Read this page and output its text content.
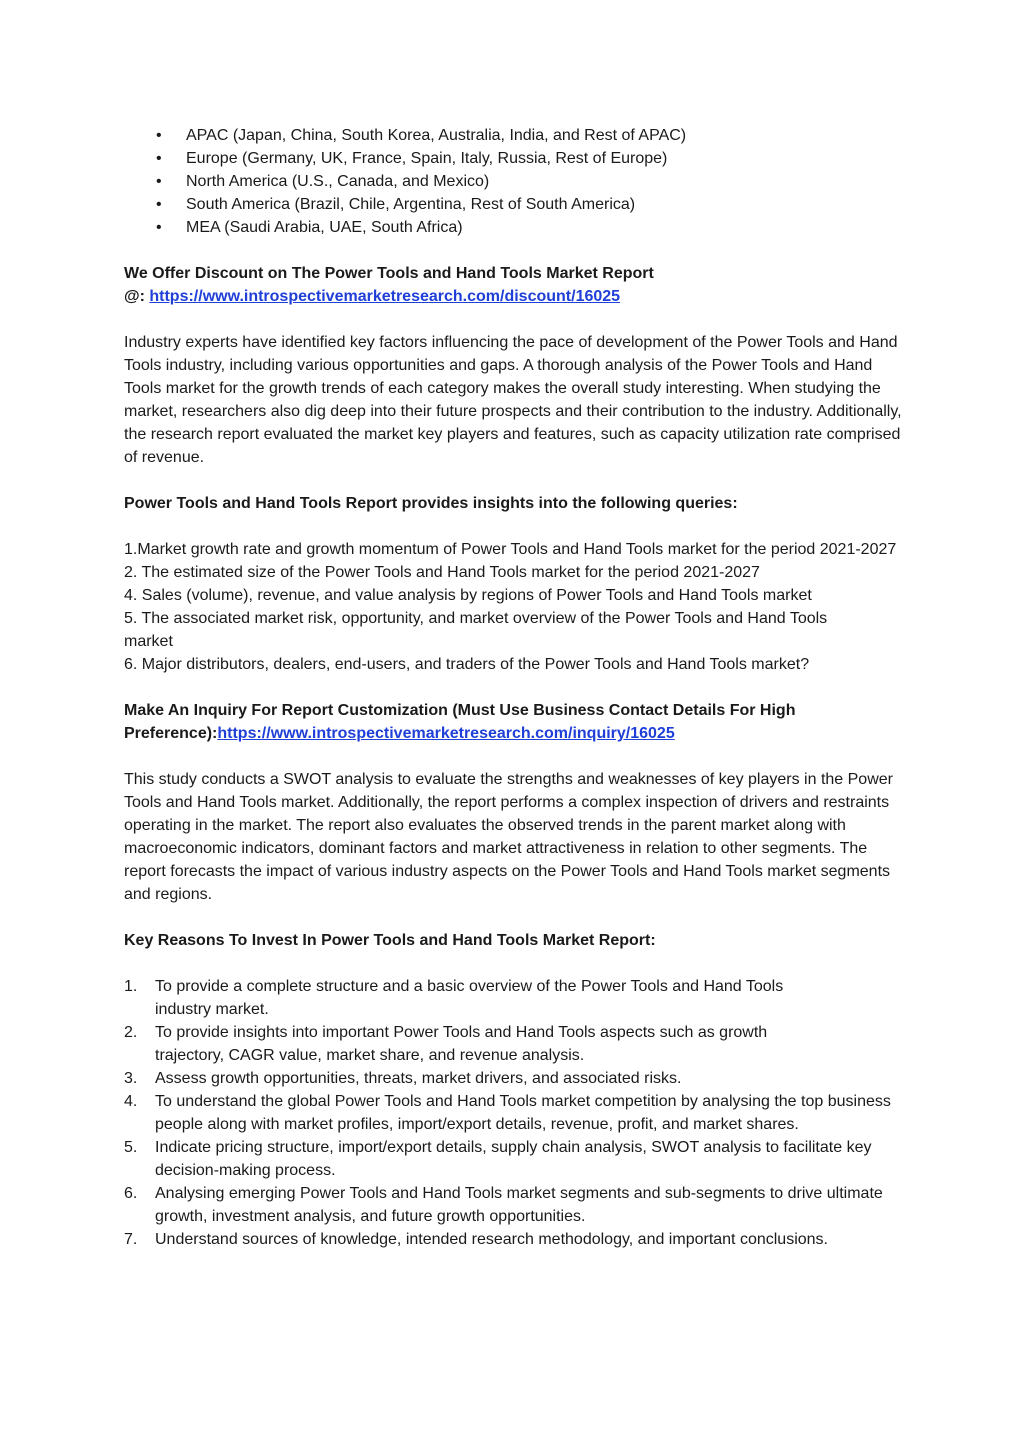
• APAC (Japan, China, South Korea, Australia, India, and Rest of APAC)
• Europe (Germany, UK, France, Spain, Italy, Russia, Rest of Europe)
• North America (U.S., Canada, and Mexico)
• South America (Brazil, Chile, Argentina, Rest of South America)
• MEA (Saudi Arabia, UAE, South Africa)

We Offer Discount on The Power Tools and Hand Tools Market Report
@: https://www.introspectivemarketresearch.com/discount/16025

Industry experts have identified key factors influencing the pace of development of the Power Tools and Hand Tools industry, including various opportunities and gaps. A thorough analysis of the Power Tools and Hand Tools market for the growth trends of each category makes the overall study interesting. When studying the market, researchers also dig deep into their future prospects and their contribution to the industry. Additionally, the research report evaluated the market key players and features, such as capacity utilization rate comprised of revenue.

Power Tools and Hand Tools Report provides insights into the following queries:

1.Market growth rate and growth momentum of Power Tools and Hand Tools market for the period 2021-2027
2. The estimated size of the Power Tools and Hand Tools market for the period 2021-2027
4. Sales (volume), revenue, and value analysis by regions of Power Tools and Hand Tools market
5. The associated market risk, opportunity, and market overview of the Power Tools and Hand Tools market
6. Major distributors, dealers, end-users, and traders of the Power Tools and Hand Tools market?

Make An Inquiry For Report Customization (Must Use Business Contact Details For High Preference):https://www.introspectivemarketresearch.com/inquiry/16025

This study conducts a SWOT analysis to evaluate the strengths and weaknesses of key players in the Power Tools and Hand Tools market. Additionally, the report performs a complex inspection of drivers and restraints operating in the market. The report also evaluates the observed trends in the parent market along with macroeconomic indicators, dominant factors and market attractiveness in relation to other segments. The report forecasts the impact of various industry aspects on the Power Tools and Hand Tools market segments and regions.

Key Reasons To Invest In Power Tools and Hand Tools Market Report:

1. To provide a complete structure and a basic overview of the Power Tools and Hand Tools industry market.
2. To provide insights into important Power Tools and Hand Tools aspects such as growth trajectory, CAGR value, market share, and revenue analysis.
3. Assess growth opportunities, threats, market drivers, and associated risks.
4. To understand the global Power Tools and Hand Tools market competition by analysing the top business people along with market profiles, import/export details, revenue, profit, and market shares.
5. Indicate pricing structure, import/export details, supply chain analysis, SWOT analysis to facilitate key decision-making process.
6. Analysing emerging Power Tools and Hand Tools market segments and sub-segments to drive ultimate growth, investment analysis, and future growth opportunities.
7. Understand sources of knowledge, intended research methodology, and important conclusions.
